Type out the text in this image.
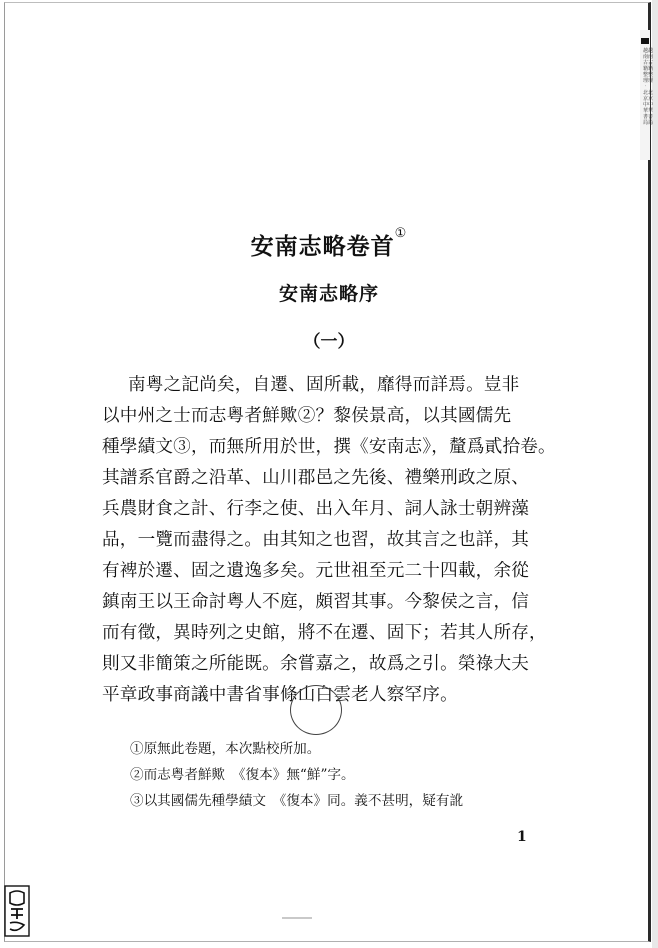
越 南 古 籍 整 理 ‧ 北 京 中 華 書 局
越 南 古 籍 整 理 ‧ 北 京 中 華 書 局
安南志略卷首①
安南志略序
（一）
南粤之記尚矣，自遷、固所載，靡得而詳焉。豈非
以中州之士而志粤者鮮歟②？黎侯景高，以其國儒先
種學績文③，而無所用於世，撰《安南志》，釐爲貳拾卷。
其譜系官爵之沿革、山川郡邑之先後、禮樂刑政之原、
兵農財食之計、行李之使、出入年月、詞人詠士朝辨藻
品，一覽而盡得之。由其知之也習，故其言之也詳，其
有裨於遷、固之遺逸多矣。元世祖至元二十四載，余從
鎮南王以王命討粤人不庭，頗習其事。今黎侯之言，信
而有徵，異時列之史館，將不在遷、固下；若其人所存，
則又非簡策之所能既。余嘗嘉之，故爲之引。榮祿大夫
平章政事商議中書省事條山白雲老人察罕序。
①原無此卷題，本次點校所加。
②而志粤者鮮歟　《復本》無“鮮”字。
③以其國儒先種學績文　《復本》同。義不甚明，疑有訛
1
